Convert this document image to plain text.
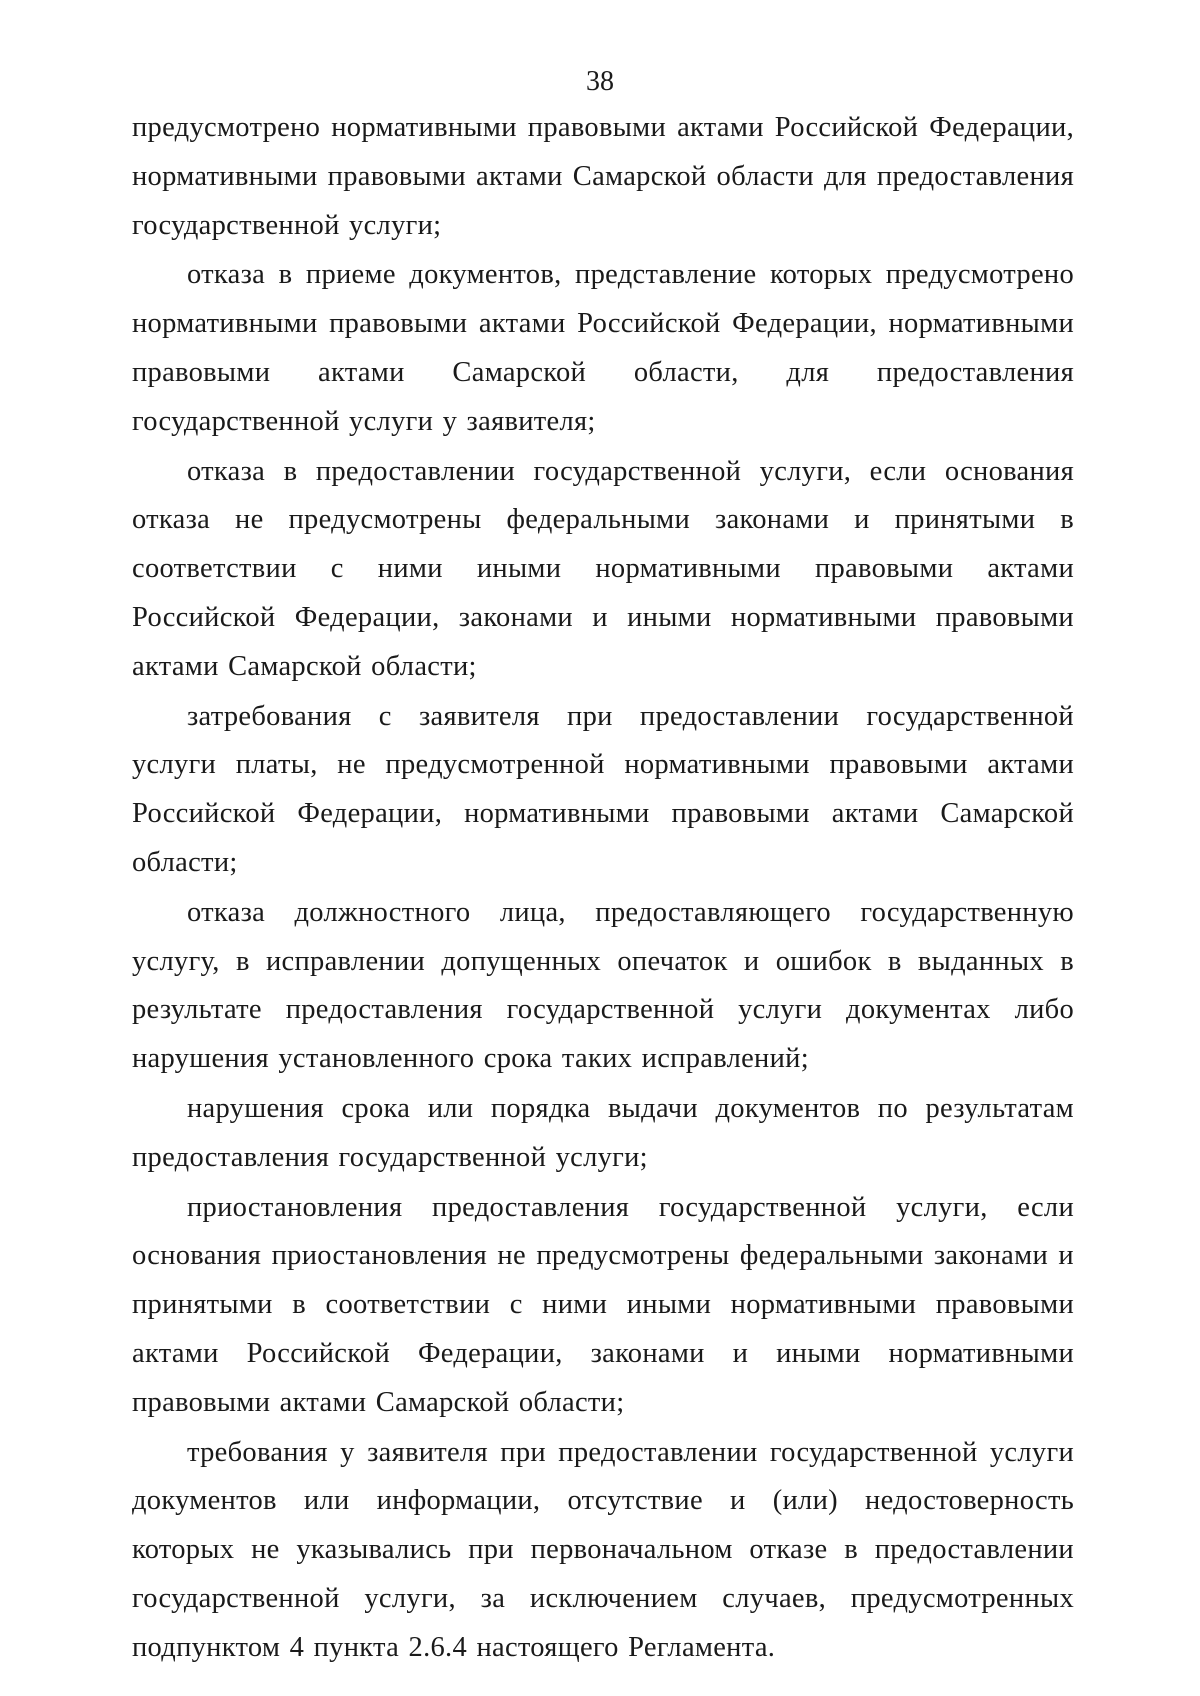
38

предусмотрено нормативными правовыми актами Российской Федерации, нормативными правовыми актами Самарской области для предоставления государственной услуги;

отказа в приеме документов, представление которых предусмотрено нормативными правовыми актами Российской Федерации, нормативными правовыми актами Самарской области, для предоставления государственной услуги у заявителя;

отказа в предоставлении государственной услуги, если основания отказа не предусмотрены федеральными законами и принятыми в соответствии с ними иными нормативными правовыми актами Российской Федерации, законами и иными нормативными правовыми актами Самарской области;

затребования с заявителя при предоставлении государственной услуги платы, не предусмотренной нормативными правовыми актами Российской Федерации, нормативными правовыми актами Самарской области;

отказа должностного лица, предоставляющего государственную услугу, в исправлении допущенных опечаток и ошибок в выданных в результате предоставления государственной услуги документах либо нарушения установленного срока таких исправлений;

нарушения срока или порядка выдачи документов по результатам предоставления государственной услуги;

приостановления предоставления государственной услуги, если основания приостановления не предусмотрены федеральными законами и принятыми в соответствии с ними иными нормативными правовыми актами Российской Федерации, законами и иными нормативными правовыми актами Самарской области;

требования у заявителя при предоставлении государственной услуги документов или информации, отсутствие и (или) недостоверность которых не указывались при первоначальном отказе в предоставлении государственной услуги, за исключением случаев, предусмотренных подпунктом 4 пункта 2.6.4 настоящего Регламента.
